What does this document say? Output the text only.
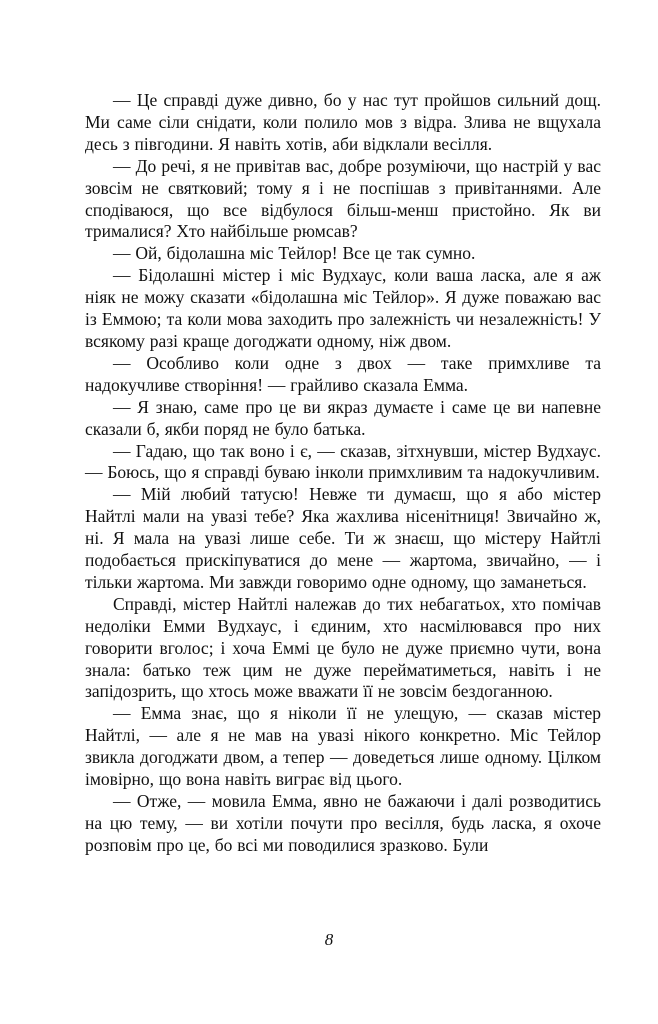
— Це справді дуже дивно, бо у нас тут пройшов сильний дощ. Ми саме сіли снідати, коли полило мов з відра. Злива не вщухала десь з півгодини. Я навіть хотів, аби відклали весілля.

— До речі, я не привітав вас, добре розуміючи, що настрій у вас зовсім не святковий; тому я і не поспішав з привітаннями. Але сподіваюся, що все відбулося більш-менш пристойно. Як ви трималися? Хто найбільше рюмсав?

— Ой, бідолашна міс Тейлор! Все це так сумно.

— Бідолашні містер і міс Вудхаус, коли ваша ласка, але я аж ніяк не можу сказати «бідолашна міс Тейлор». Я дуже поважаю вас із Еммою; та коли мова заходить про залежність чи незалежність! У всякому разі краще догоджати одному, ніж двом.

— Особливо коли одне з двох — таке примхливе та надокучливе створіння! — грайливо сказала Емма.

— Я знаю, саме про це ви якраз думаєте і саме це ви напевне сказали б, якби поряд не було батька.

— Гадаю, що так воно і є, — сказав, зітхнувши, містер Вудхаус. — Боюсь, що я справді буваю інколи примхливим та надокучливим.

— Мій любий татусю! Невже ти думаєш, що я або містер Найтлі мали на увазі тебе? Яка жахлива нісенітниця! Звичайно ж, ні. Я мала на увазі лише себе. Ти ж знаєш, що містеру Найтлі подобається прискіпуватися до мене — жартома, звичайно, — і тільки жартома. Ми завжди говоримо одне одному, що заманеться.

Справді, містер Найтлі належав до тих небагатьох, хто помічав недоліки Емми Вудхаус, і єдиним, хто насмілювався про них говорити вголос; і хоча Еммі це було не дуже приємно чути, вона знала: батько теж цим не дуже перейматиметься, навіть і не запідозрить, що хтось може вважати її не зовсім бездоганною.

— Емма знає, що я ніколи її не улещую, — сказав містер Найтлі, — але я не мав на увазі нікого конкретно. Міс Тейлор звикла догоджати двом, а тепер — доведеться лише одному. Цілком імовірно, що вона навіть виграє від цього.

— Отже, — мовила Емма, явно не бажаючи і далі розводитись на цю тему, — ви хотіли почути про весілля, будь ласка, я охоче розповім про це, бо всі ми поводилися зразково. Були

8
